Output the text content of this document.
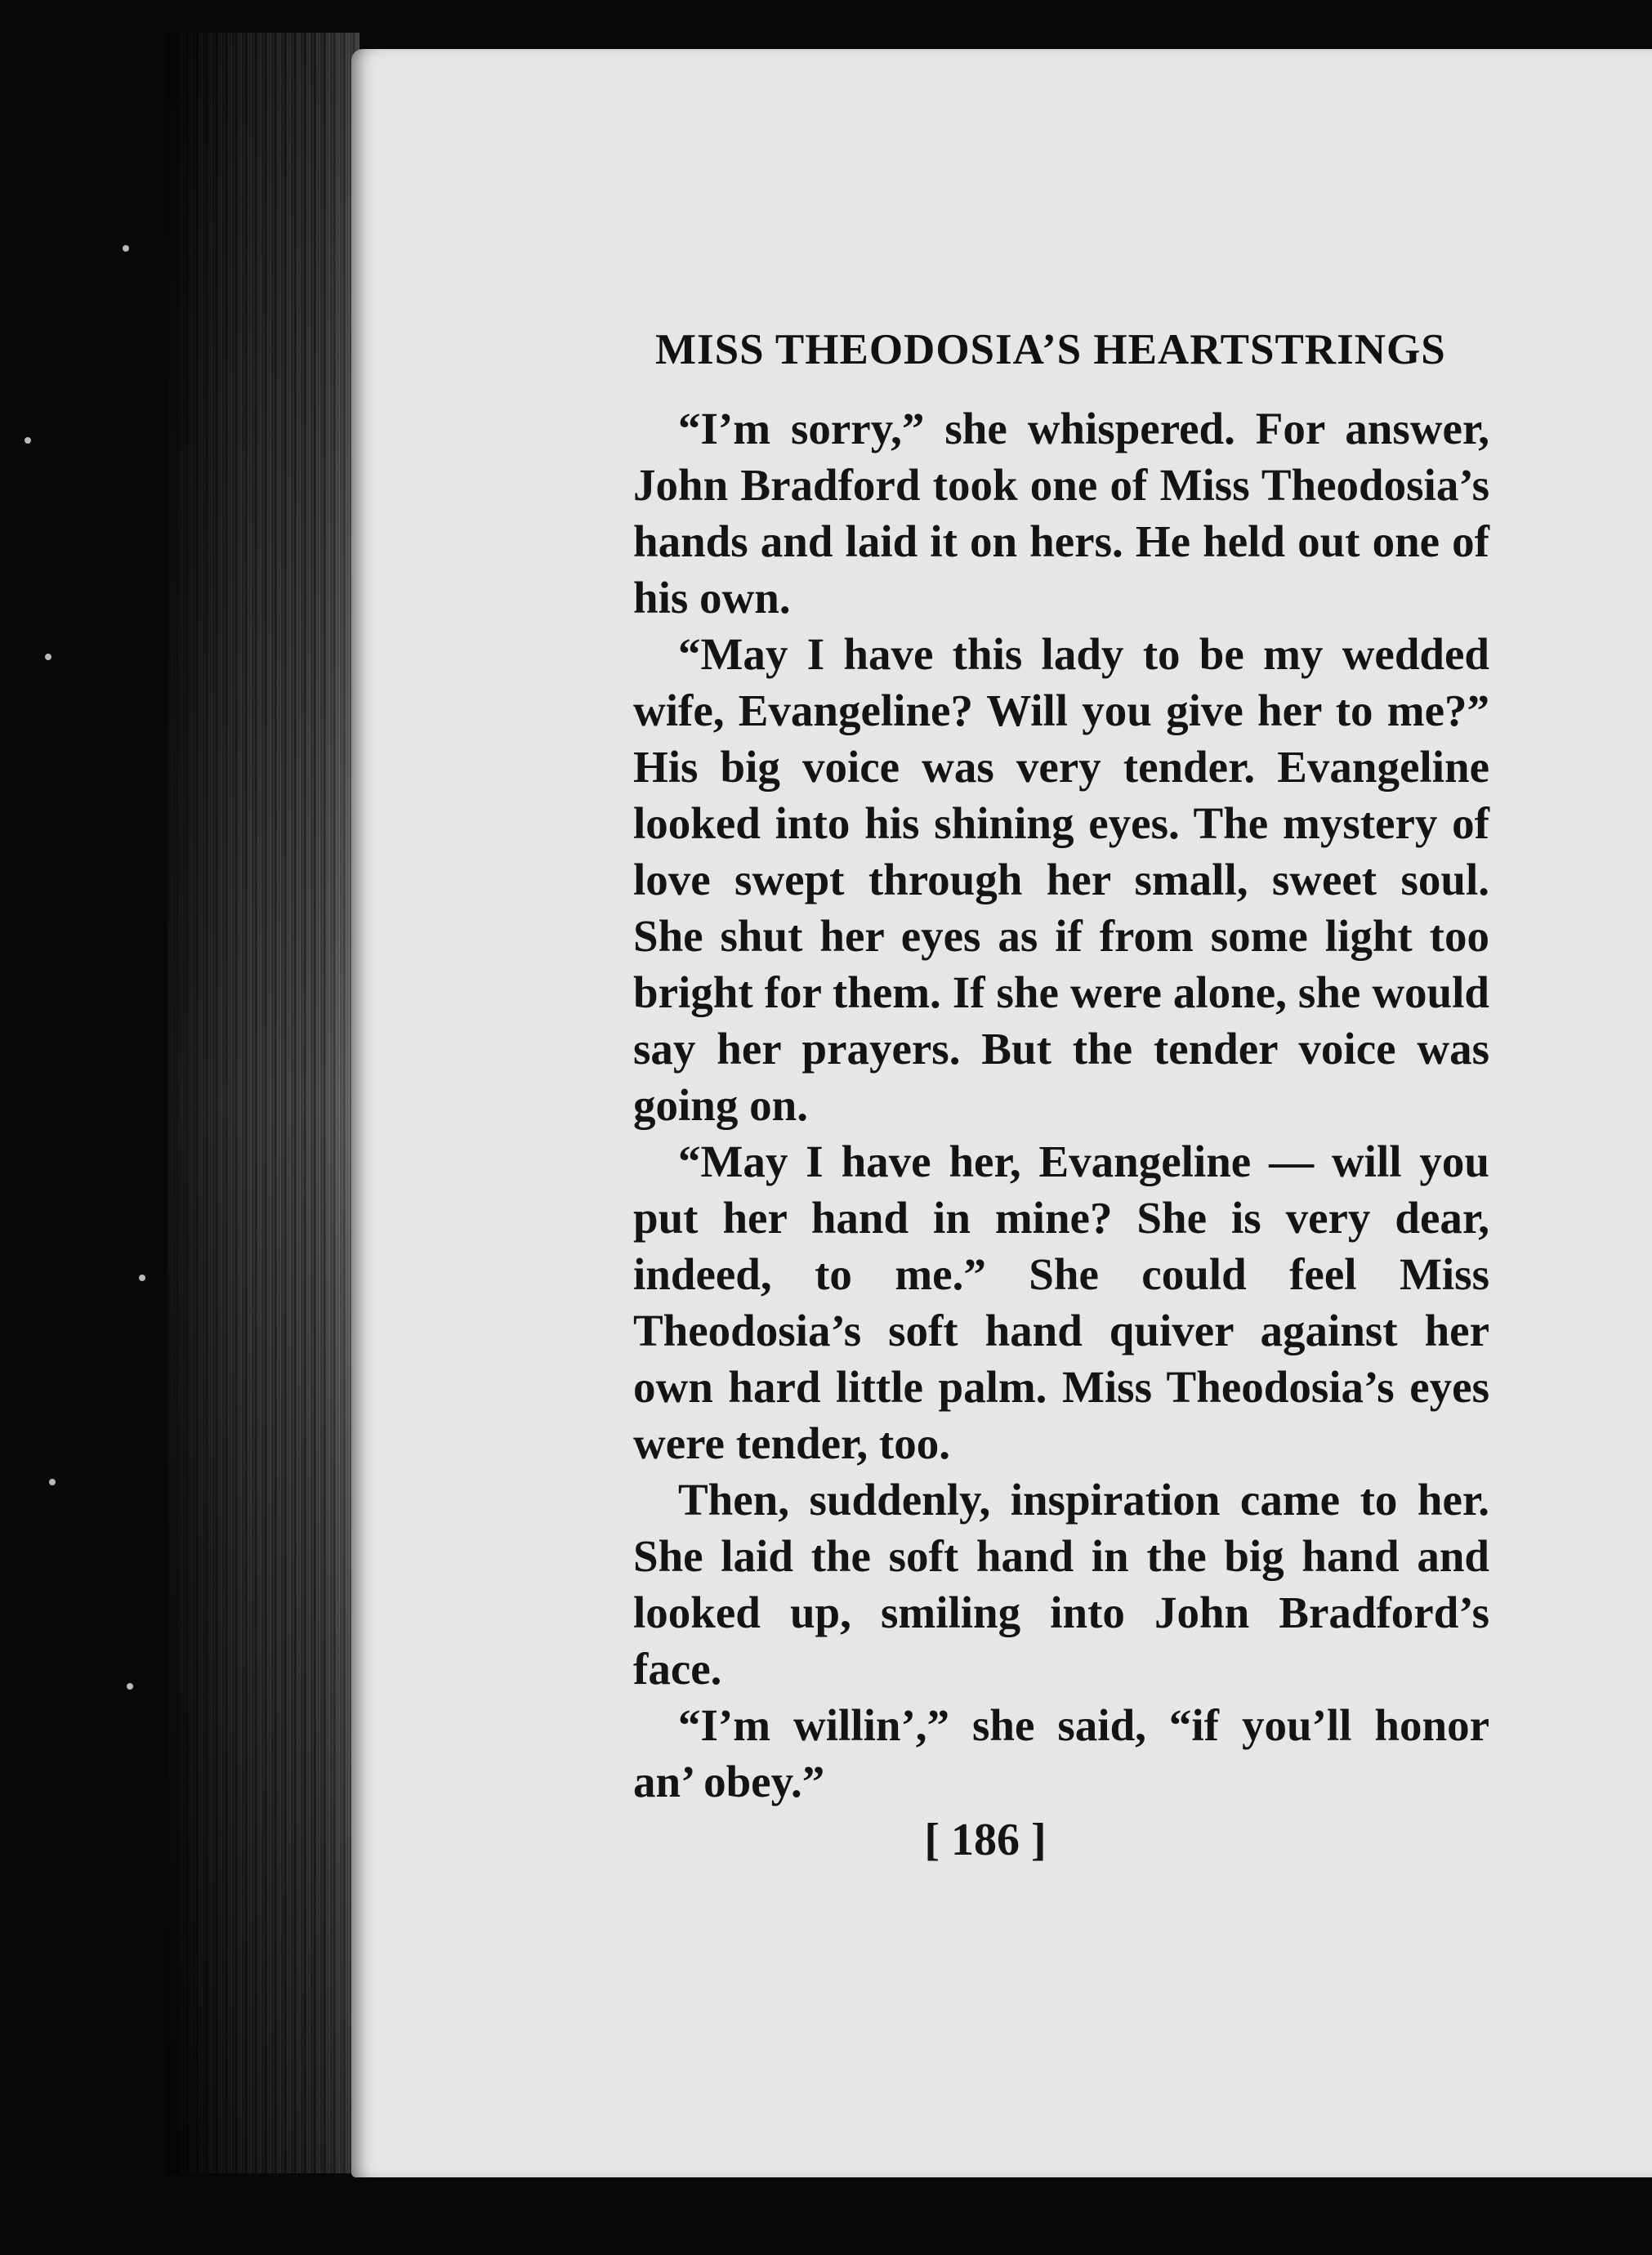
MISS THEODOSIA’S HEARTSTRINGS

“I’m sorry,” she whispered. For answer, John Bradford took one of Miss Theodosia’s hands and laid it on hers. He held out one of his own.

“May I have this lady to be my wedded wife, Evangeline? Will you give her to me?” His big voice was very tender. Evangeline looked into his shining eyes. The mystery of love swept through her small, sweet soul. She shut her eyes as if from some light too bright for them. If she were alone, she would say her prayers. But the tender voice was going on.

“May I have her, Evangeline — will you put her hand in mine? She is very dear, indeed, to me.” She could feel Miss Theodosia’s soft hand quiver against her own hard little palm. Miss Theodosia’s eyes were tender, too.

Then, suddenly, inspiration came to her. She laid the soft hand in the big hand and looked up, smiling into John Bradford’s face.

“I’m willin’,” she said, “if you’ll honor an’ obey.”

[ 186 ]
